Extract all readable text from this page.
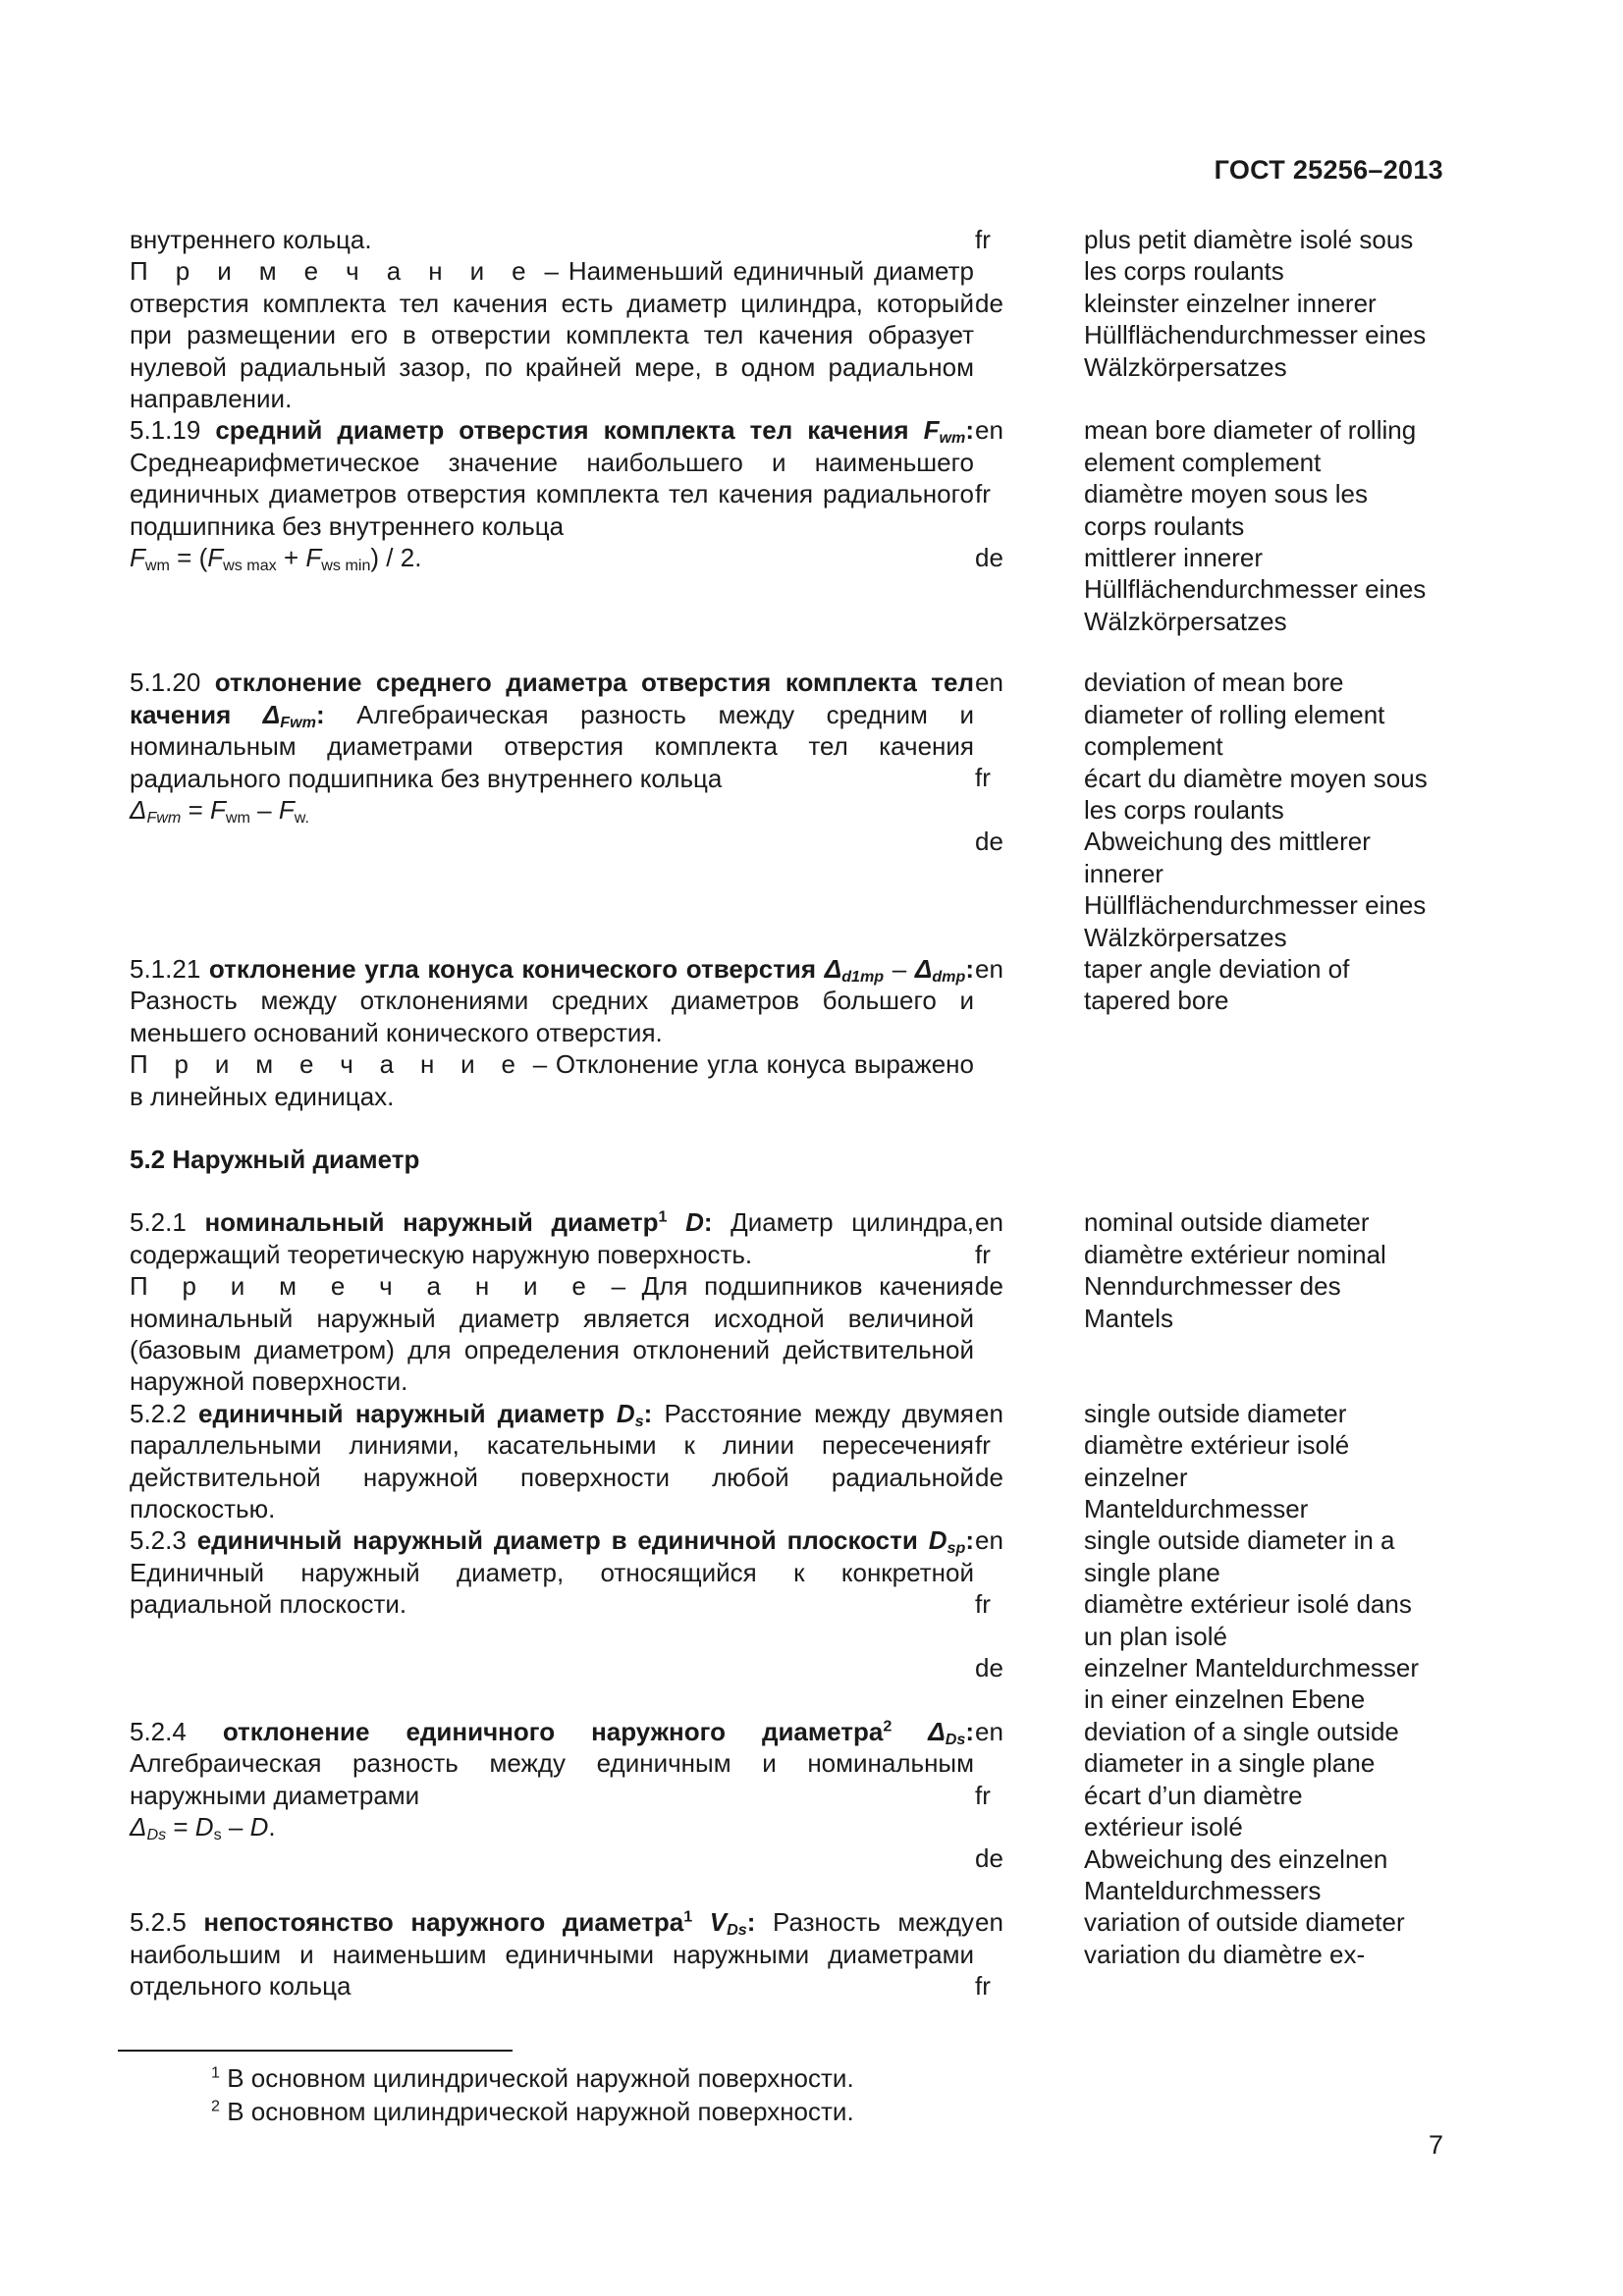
ГОСТ 25256–2013

внутреннего кольца.

П р и м е ч а н и е – Наименьший единичный диаметр отверстия комплекта тел качения есть диаметр цилиндра, который при размещении его в отверстии комплекта тел качения образует нулевой радиальный зазор, по крайней мере, в одном радиальном направлении.

fr
de
plus petit diamètre isolé sous les corps roulants
kleinster einzelner innerer Hüllflächendurchmesser eines Wälzkörpersatzes

5.1.19 средний диаметр отверстия комплекта тел качения $F_{wm}$: Среднеарифметическое значение наибольшего и наименьшего единичных диаметров отверстия комплекта тел качения радиального подшипника без внутреннего кольца

$F_{wm} = (F_{ws max} + F_{ws min}) / 2$.

en
fr
de
mean bore diameter of rolling element complement
diamètre moyen sous les corps roulants
mittlerer innerer Hüllflächendurchmesser eines Wälzkörpersatzes

5.1.20 отклонение среднего диаметра отверстия комплекта тел качения $\Delta_{Fwm}$: Алгебраическая разность между средним и номинальным диаметрами отверстия комплекта тел качения радиального подшипника без внутреннего кольца

$\Delta_{Fwm} = F_{wm} - F_{w.}$

en
fr
de
deviation of mean bore diameter of rolling element complement
écart du diamètre moyen sous les corps roulants
Abweichung des mittlerer innerer Hüllflächendurchmesser eines Wälzkörpersatzes

5.1.21 отклонение угла конуса конического отверстия $\Delta_{d1mp} - \Delta_{dmp}$: Разность между отклонениями средних диаметров большего и меньшего оснований конического отверстия.

П р и м е ч а н и е – Отклонение угла конуса выражено в линейных единицах.

en	taper angle deviation of tapered bore
5.2 Наружный диаметр

5.2.1 номинальный наружный диаметр$^1$ D: Диаметр цилиндра, содержащий теоретическую наружную поверхность.

П р и м е ч а н и е – Для подшипников качения номинальный наружный диаметр является исходной величиной (базовым диаметром) для определения отклонений действительной наружной поверхности.

en
fr
de
nominal outside diameter
diamètre extérieur nominal
Nenndurchmesser des Mantels

5.2.2 единичный наружный диаметр $D_s$: Расстояние между двумя параллельными линиями, касательными к линии пересечения действительной наружной поверхности любой радиальной плоскостью.

en
fr
de
single outside diameter
diamètre extérieur isolé
einzelner Manteldurchmesser

5.2.3 единичный наружный диаметр в единичной плоскости $D_{sp}$: Единичный наружный диаметр, относящийся к конкретной радиальной плоскости.

en
fr
de
single outside diameter in a single plane
diamètre extérieur isolé dans un plan isolé
einzelner Manteldurchmesser in einer einzelnen Ebene

5.2.4 отклонение единичного наружного диаметра$^2$ $\Delta_{Ds}$: Алгебраическая разность между единичным и номинальным наружными диаметрами

$\Delta_{Ds} = D_s - D$.

en
fr
de
deviation of a single outside diameter in a single plane
écart d’un diamètre extérieur isolé
Abweichung des einzelnen Manteldurchmessers

5.2.5 непостоянство наружного диаметра$^1$ $V_{Ds}$: Разность между наибольшим и наименьшим единичными наружными диаметрами отдельного кольца

en
fr
variation of outside diameter
variation du diamètre ex-
$^1$ В основном цилиндрической наружной поверхности.
$^2$ В основном цилиндрической наружной поверхности.
7
